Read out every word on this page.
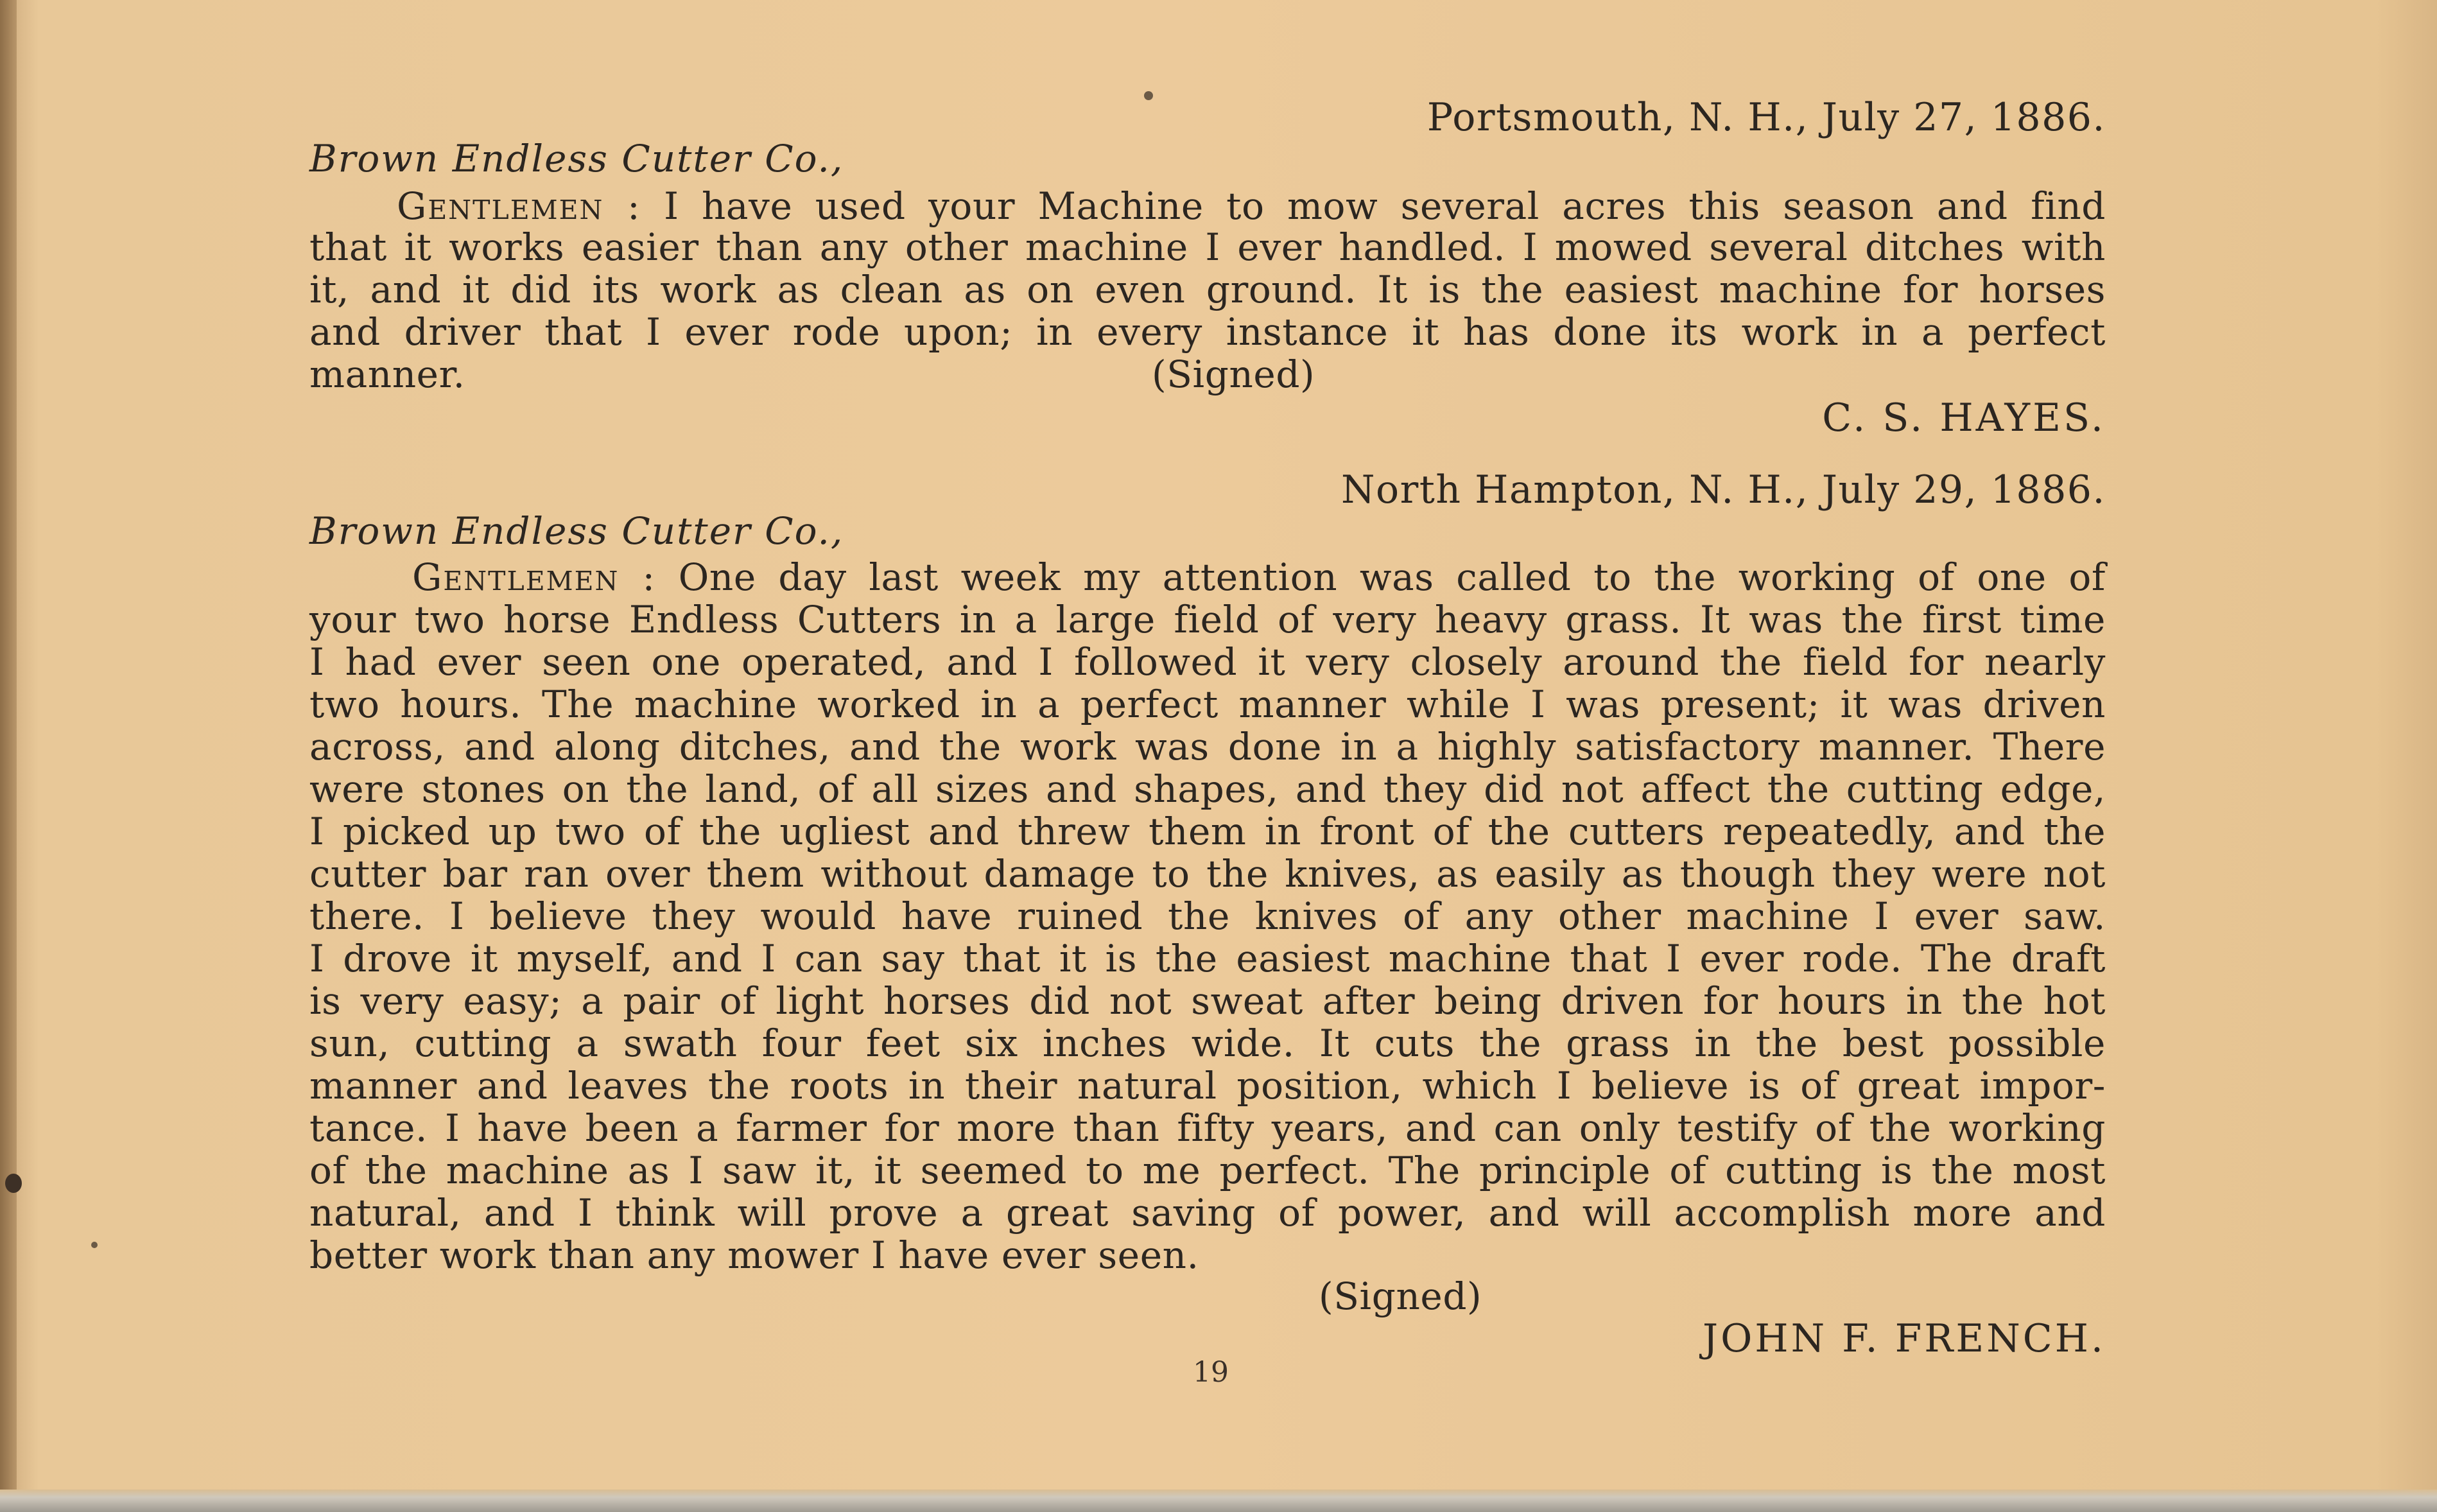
Portsmouth, N. H., July 27, 1886.
Brown Endless Cutter Co.,
Gentlemen : I have used your Machine to mow several acres this season and find
that it works easier than any other machine I ever handled. I mowed several ditches with
it, and it did its work as clean as on even ground. It is the easiest machine for horses
and driver that I ever rode upon; in every instance it has done its work in a perfect
manner.	(Signed)
C. S. HAYES.
North Hampton, N. H., July 29, 1886.
Brown Endless Cutter Co.,
Gentlemen : One day last week my attention was called to the working of one of
your two horse Endless Cutters in a large field of very heavy grass. It was the first time
I had ever seen one operated, and I followed it very closely around the field for nearly
two hours. The machine worked in a perfect manner while I was present; it was driven
across, and along ditches, and the work was done in a highly satisfactory manner. There
were stones on the land, of all sizes and shapes, and they did not affect the cutting edge,
I picked up two of the ugliest and threw them in front of the cutters repeatedly, and the
cutter bar ran over them without damage to the knives, as easily as though they were not
there. I believe they would have ruined the knives of any other machine I ever saw.
I drove it myself, and I can say that it is the easiest machine that I ever rode. The draft
is very easy; a pair of light horses did not sweat after being driven for hours in the hot
sun, cutting a swath four feet six inches wide. It cuts the grass in the best possible
manner and leaves the roots in their natural position, which I believe is of great impor-
tance. I have been a farmer for more than fifty years, and can only testify of the working
of the machine as I saw it, it seemed to me perfect. The principle of cutting is the most
natural, and I think will prove a great saving of power, and will accomplish more and
better work than any mower I have ever seen.
(Signed)
JOHN F. FRENCH.
19
